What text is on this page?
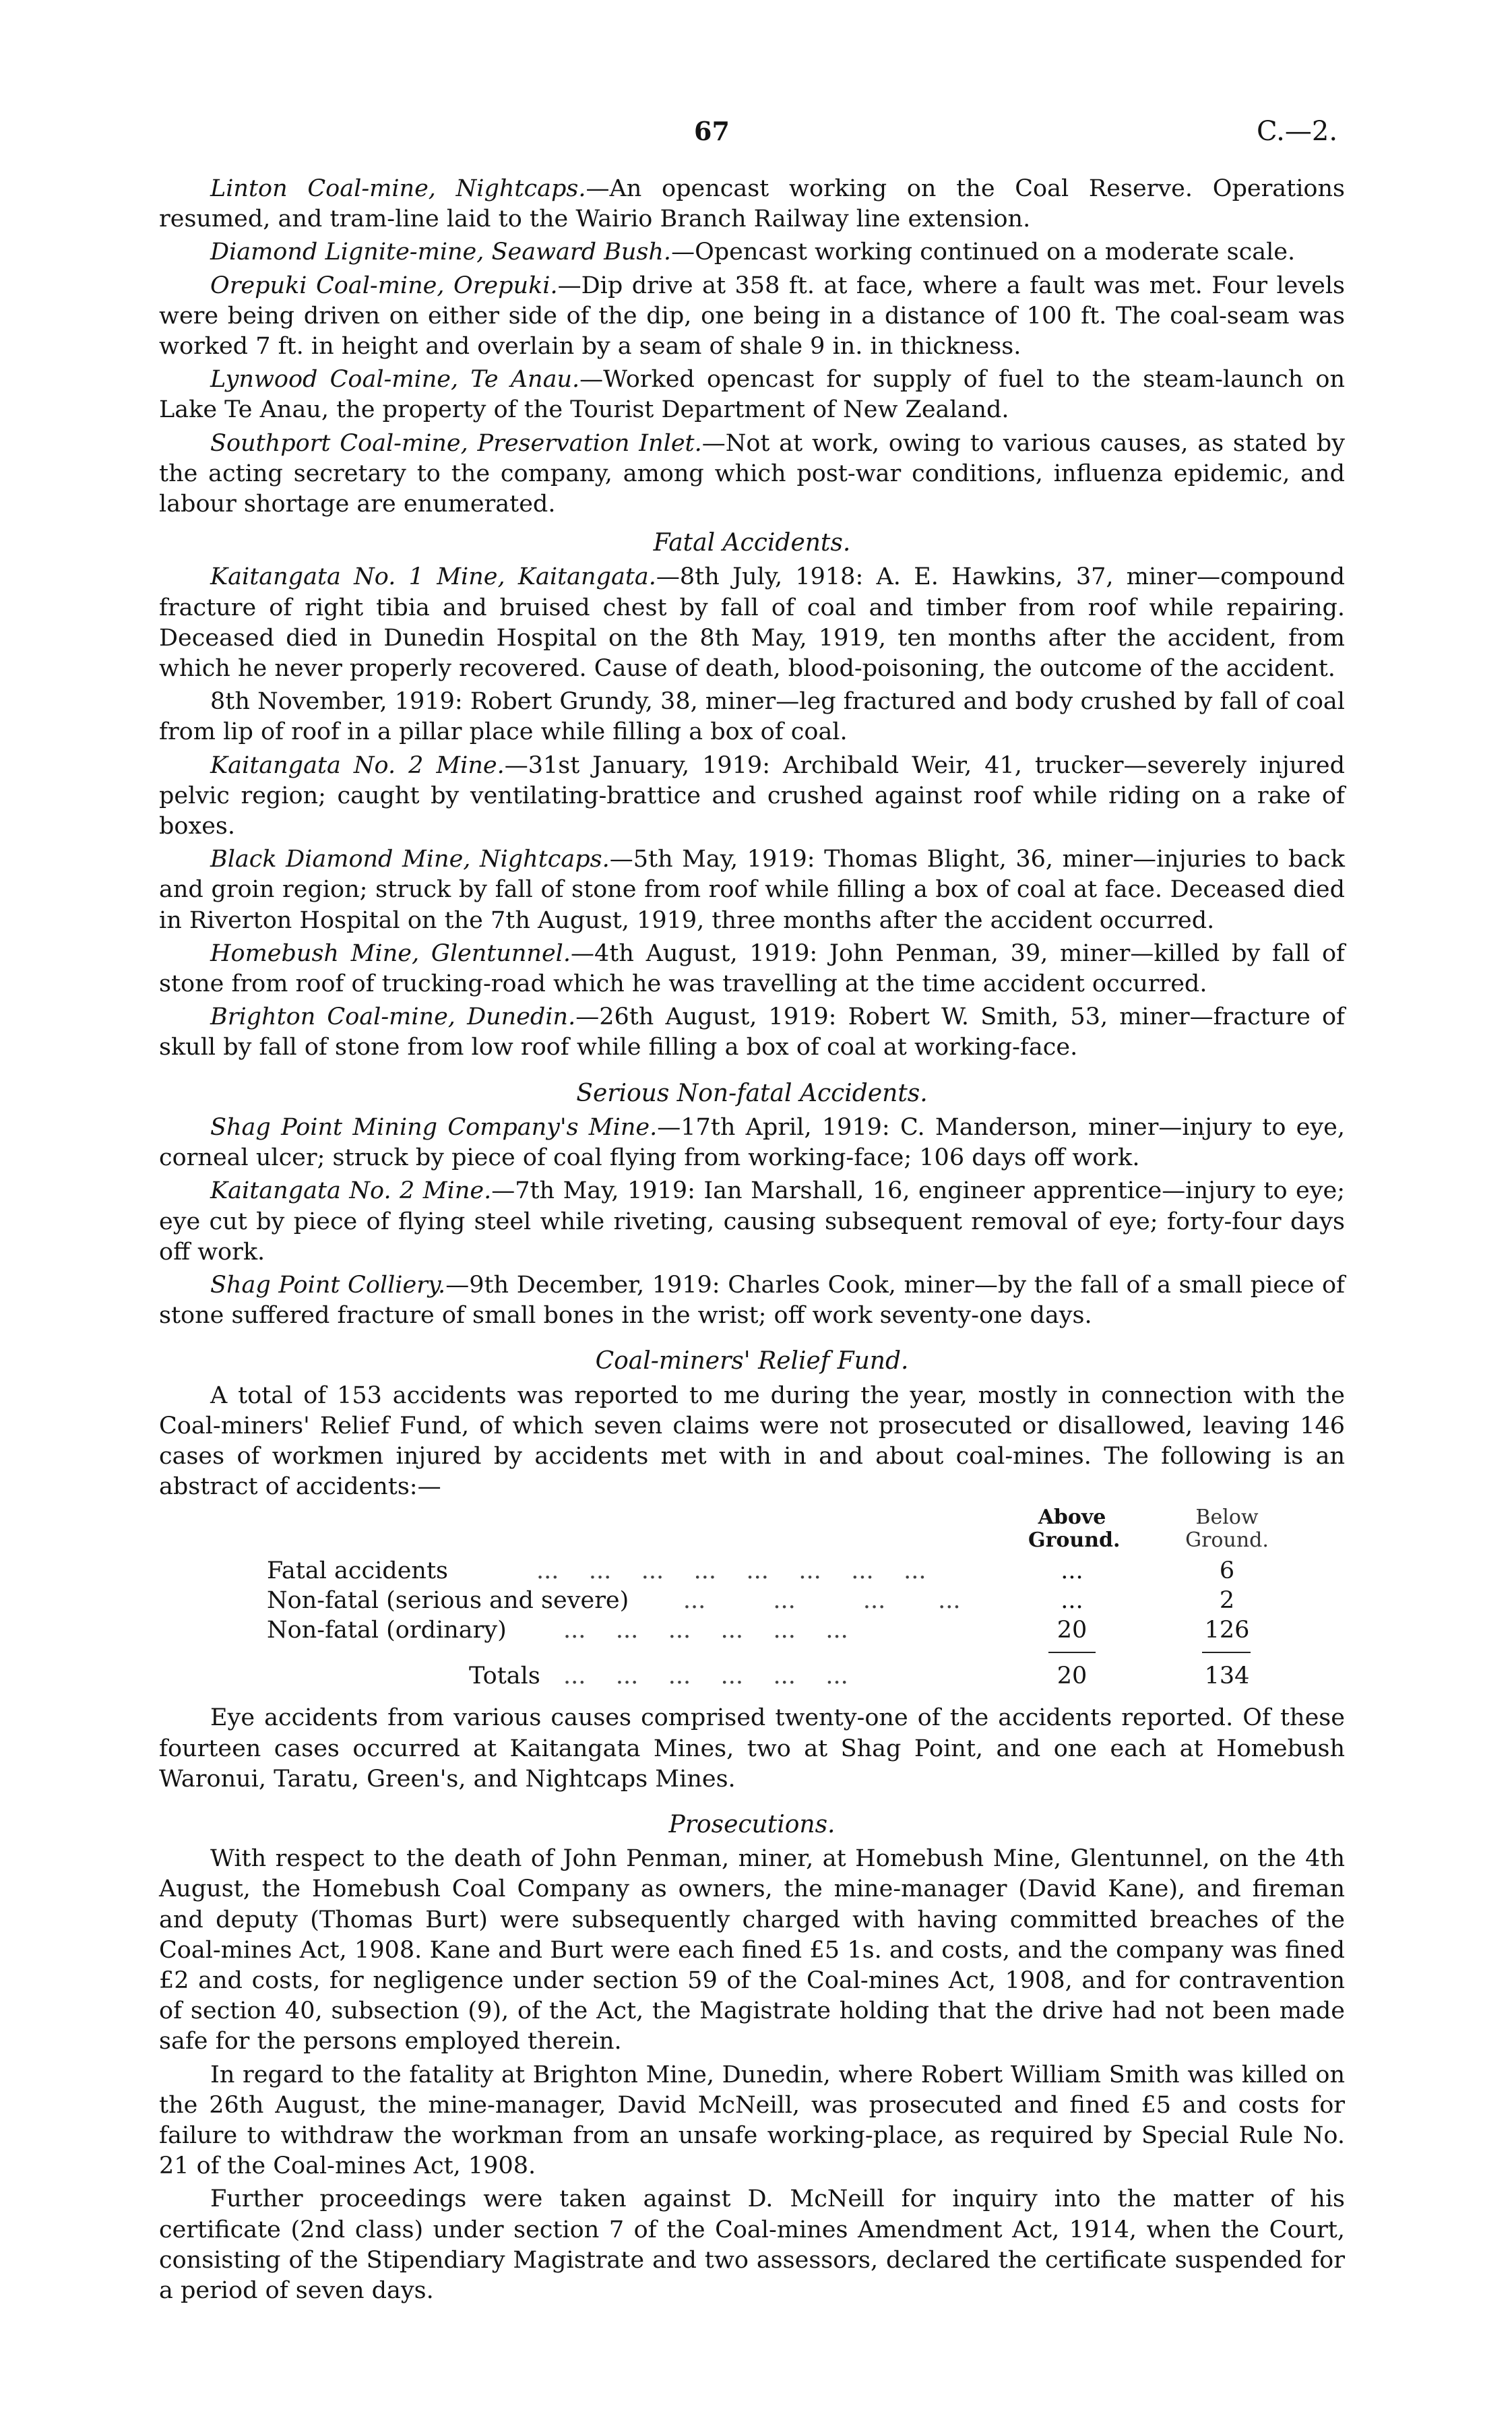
67	C.—2.

Linton Coal-mine, Nightcaps.—An opencast working on the Coal Reserve. Operations resumed, and tram-line laid to the Wairio Branch Railway line extension.

Diamond Lignite-mine, Seaward Bush.—Opencast working continued on a moderate scale.

Orepuki Coal-mine, Orepuki.—Dip drive at 358 ft. at face, where a fault was met. Four levels were being driven on either side of the dip, one being in a distance of 100 ft. The coal-seam was worked 7 ft. in height and overlain by a seam of shale 9 in. in thickness.

Lynwood Coal-mine, Te Anau.—Worked opencast for supply of fuel to the steam-launch on Lake Te Anau, the property of the Tourist Department of New Zealand.

Southport Coal-mine, Preservation Inlet.—Not at work, owing to various causes, as stated by the acting secretary to the company, among which post-war conditions, influenza epidemic, and labour shortage are enumerated.

Fatal Accidents.

Kaitangata No. 1 Mine, Kaitangata.—8th July, 1918: A. E. Hawkins, 37, miner—compound fracture of right tibia and bruised chest by fall of coal and timber from roof while repairing. Deceased died in Dunedin Hospital on the 8th May, 1919, ten months after the accident, from which he never properly recovered. Cause of death, blood-poisoning, the outcome of the accident.

8th November, 1919: Robert Grundy, 38, miner—leg fractured and body crushed by fall of coal from lip of roof in a pillar place while filling a box of coal.

Kaitangata No. 2 Mine.—31st January, 1919: Archibald Weir, 41, trucker—severely injured pelvic region; caught by ventilating-brattice and crushed against roof while riding on a rake of boxes.

Black Diamond Mine, Nightcaps.—5th May, 1919: Thomas Blight, 36, miner—injuries to back and groin region; struck by fall of stone from roof while filling a box of coal at face. Deceased died in Riverton Hospital on the 7th August, 1919, three months after the accident occurred.

Homebush Mine, Glentunnel.—4th August, 1919: John Penman, 39, miner—killed by fall of stone from roof of trucking-road which he was travelling at the time accident occurred.

Brighton Coal-mine, Dunedin.—26th August, 1919: Robert W. Smith, 53, miner—fracture of skull by fall of stone from low roof while filling a box of coal at working-face.

Serious Non-fatal Accidents.

Shag Point Mining Company's Mine.—17th April, 1919: C. Manderson, miner—injury to eye, corneal ulcer; struck by piece of coal flying from working-face; 106 days off work.

Kaitangata No. 2 Mine.—7th May, 1919: Ian Marshall, 16, engineer apprentice—injury to eye; eye cut by piece of flying steel while riveting, causing subsequent removal of eye; forty-four days off work.

Shag Point Colliery.—9th December, 1919: Charles Cook, miner—by the fall of a small piece of stone suffered fracture of small bones in the wrist; off work seventy-one days.

Coal-miners' Relief Fund.

A total of 153 accidents was reported to me during the year, mostly in connection with the Coal-miners' Relief Fund, of which seven claims were not prosecuted or disallowed, leaving 146 cases of workmen injured by accidents met with in and about coal-mines. The following is an abstract of accidents:—

Above Ground.
Below Ground.
Fatal accidents	...    ...    ...    ...    ...    ...    ...    ...	...	6
Non-fatal (serious and severe) ...         ...         ...       ...	...	2
Non-fatal (ordinary) ...    ...    ...    ...    ...    ...	20	126
Totals ...    ...    ...    ...    ...    ...	20	134

Eye accidents from various causes comprised twenty-one of the accidents reported. Of these fourteen cases occurred at Kaitangata Mines, two at Shag Point, and one each at Homebush Waronui, Taratu, Green's, and Nightcaps Mines.

Prosecutions.

With respect to the death of John Penman, miner, at Homebush Mine, Glentunnel, on the 4th August, the Homebush Coal Company as owners, the mine-manager (David Kane), and fireman and deputy (Thomas Burt) were subsequently charged with having committed breaches of the Coal-mines Act, 1908. Kane and Burt were each fined £5 1s. and costs, and the company was fined £2 and costs, for negligence under section 59 of the Coal-mines Act, 1908, and for contravention of section 40, subsection (9), of the Act, the Magistrate holding that the drive had not been made safe for the persons employed therein.

In regard to the fatality at Brighton Mine, Dunedin, where Robert William Smith was killed on the 26th August, the mine-manager, David McNeill, was prosecuted and fined £5 and costs for failure to withdraw the workman from an unsafe working-place, as required by Special Rule No. 21 of the Coal-mines Act, 1908.

Further proceedings were taken against D. McNeill for inquiry into the matter of his certificate (2nd class) under section 7 of the Coal-mines Amendment Act, 1914, when the Court, consisting of the Stipendiary Magistrate and two assessors, declared the certificate suspended for a period of seven days.
